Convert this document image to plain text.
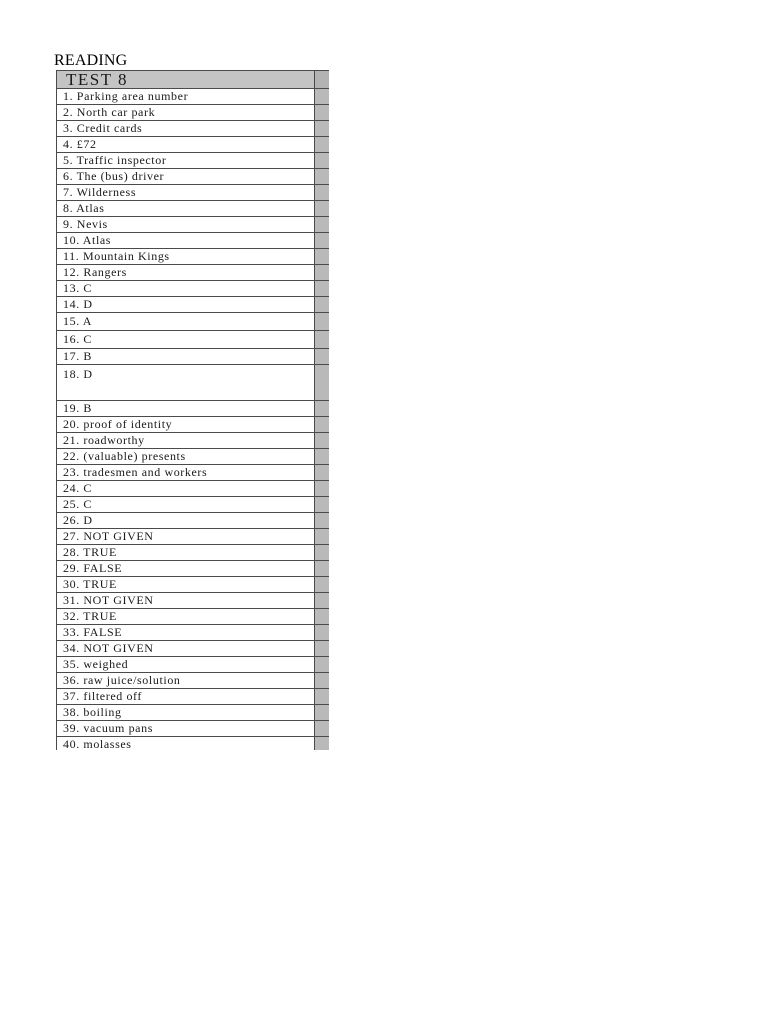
READING
TEST 8	
1. Parking area number	
2. North car park	
3. Credit cards	
4. £72	
5. Traffic inspector	
6. The (bus) driver	
7. Wilderness	
8. Atlas	
9. Nevis	
10. Atlas	
11. Mountain Kings	
12. Rangers	
13. C	
14. D	
15. A	
16. C	
17. B	
18. D	
19. B	
20. proof of identity	
21. roadworthy	
22. (valuable) presents	
23. tradesmen and workers	
24. C	
25. C	
26. D	
27. NOT GIVEN	
28. TRUE	
29. FALSE	
30. TRUE	
31. NOT GIVEN	
32. TRUE	
33. FALSE	
34. NOT GIVEN	
35. weighed	
36. raw juice/solution	
37. filtered off	
38. boiling	
39. vacuum pans	
40. molasses	
